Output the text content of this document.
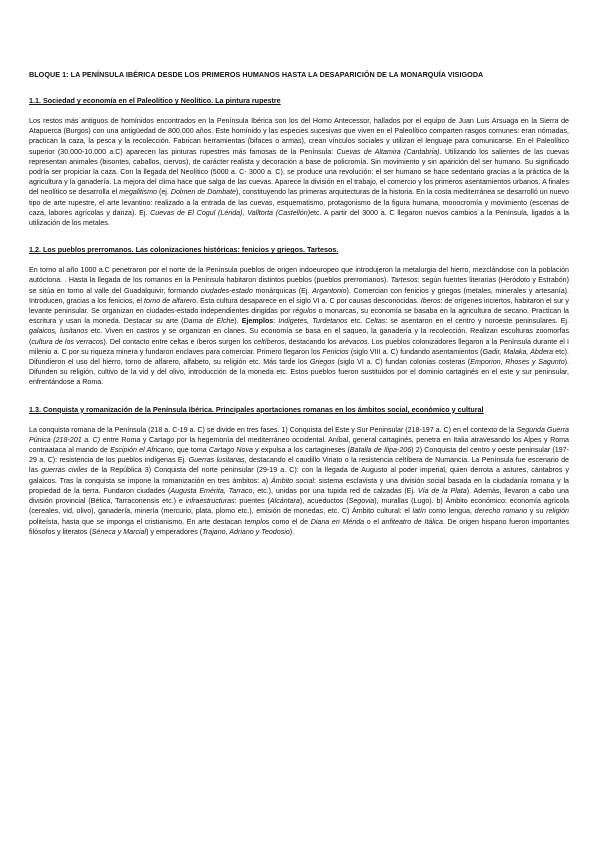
BLOQUE 1: LA PENÍNSULA IBÉRICA DESDE LOS PRIMEROS HUMANOS HASTA LA DESAPARICIÓN DE LA MONARQUÍA VISIGODA
1.1. Sociedad y economía en el Paleolítico y Neolítico. La pintura rupestre
Los restos más antiguos de homínidos encontrados en la Península Ibérica son los del Homo Antecessor, hallados por el equipo de Juan Luis Arsuaga en la Sierra de Atapuerca (Burgos) con una antigüedad de 800.000 años. Este homínido y las especies sucesivas que viven en el Paleolítico comparten rasgos comunes: eran nómadas, practican la caza, la pesca y la recolección. Fabrican herramientas (bifaces o armas), crean vínculos sociales y utilizan el lenguaje para comunicarse. En el Paleolítico superior (30.000-10.000 a.C) aparecen las pinturas rupestres más famosas de la Península: Cuevas de Altamira (Cantabria). Utilizando los salientes de las cuevas representan animales (bisontes, caballos, ciervos), de carácter realista y decoración a base de policromía. Sin movimiento y sin aparición del ser humano. Su significado podría ser propiciar la caza. Con la llegada del Neolítico (5000 a. C- 3000 a. C), se produce una revolución: el ser humano se hace sedentario gracias a la práctica de la agricultura y la ganadería. La mejora del clima hace que salga de las cuevas. Aparece la división en el trabajo, el comercio y los primeros asentamientos urbanos. A finales del neolítico se desarrolla el megalitismo (ej. Dolmen de Dombate), constituyendo las primeras arquitecturas de la historia. En la costa mediterránea se desarrolló un nuevo tipo de arte rupestre, el arte levantino: realizado a la entrada de las cuevas, esquematismo, protagonismo de la figura humana, monocromía y movimiento (escenas de caza, labores agrícolas y danza). Ej. Cuevas de El Cogul (Lérida), Valltorta (Castellón)etc. A partir del 3000 a. C llegaron nuevos cambios a la Península, ligados a la utilización de los metales.
1.2. Los pueblos prerromanos. Las colonizaciones históricas: fenicios y griegos. Tartesos.
En torno al año 1000 a.C penetraron por el norte de la Península pueblos de origen indoeuropeo que introdujeron la metalurgia del hierro, mezclándose con la población autóctona. . Hasta la llegada de los romanos en la Península habitaron distintos pueblos (pueblos prerromanos). Tartesos: según fuentes literarias (Heródoto y Estrabón) se sitúa en torno al valle del Guadalquivir, formando ciudades-estado monárquicas (Ej. Argantonio). Comercian con fenicios y griegos (metales, minerales y artesanía). Introducen, gracias a los fenicios, el torno de alfarero. Esta cultura desaparece en el siglo VI a. C por causas desconocidas. Iberos: de orígenes inciertos, habitaron el sur y levante peninsular. Se organizan en ciudades-estado independientes dirigidas por régulos o monarcas, su economía se basaba en la agricultura de secano. Practican la escritura y usan la moneda. Destacar su arte (Dama de Elche). Ejemplos: Indigetes, Turdetanos etc. Celtas: se asentaron en el centro y noroeste peninsulares. Ej. galaicos, lusitanos etc. Viven en castros y se organizan en clanes. Su economía se basa en el saqueo, la ganadería y la recolección. Realizan esculturas zoomorfas (cultura de los verracos). Del contacto entre celtas e íberos surgen los celtíberos, destacando los arévacos. Los pueblos colonizadores llegaron a la Península durante el I milenio a. C por su riqueza minera y fundaron enclaves para comerciar. Primero llegaron los Fenicios (siglo VIII a. C) fundando asentamientos (Gadir, Malaka, Abdera etc). Difundieron el uso del hierro, torno de alfarero, alfabeto, su religión etc. Más tarde los Griegos (siglo VI a. C) fundan colonias costeras (Emporion, Rhoses y Sagunto). Difunden su religión, cultivo de la vid y del olivo, introducción de la moneda etc. Estos pueblos fueron sustituidos por el dominio cartaginés en el este y sur peninsular, enfrentándose a Roma.
1.3. Conquista y romanización de la Península Ibérica. Principales aportaciones romanas en los ámbitos social, económico y cultural
La conquista romana de la Península (218 a. C-19 a. C) se divide en tres fases. 1) Conquista del Este y Sur Peninsular (218-197 a. C) en el contexto de la Segunda Guerra Púnica (218-201 a. C) entre Roma y Cartago por la hegemonía del mediterráneo occidental. Aníbal, general cartaginés, penetra en Italia atravesando los Alpes y Roma contraataca al mando de Escipión el Africano, que toma Cartago Nova y expulsa a los cartagineses (Batalla de Ilipa-206) 2) Conquista del centro y oeste peninsular (197-29 a. C): resistencia de los pueblos indígenas Ej. Guerras lusitanas, destacando el caudillo Viriato o la resistencia celtíbera de Numancia. La Península fue escenario de las guerras civiles de la República 3) Conquista del norte peninsular (29-19 a. C): con la llegada de Augusto al poder imperial, quien derrota a astures, cántabros y galaicos. Tras la conquista se impone la romanización en tres ámbitos: a) Ámbito social: sistema esclavista y una división social basada en la ciudadanía romana y la propiedad de la tierra. Fundaron ciudades (Augusta Emérita, Tarraco, etc.), unidas por una tupida red de calzadas (Ej. Vía de la Plata). Además, llevaron a cabo una división provincial (Bética, Tarraconensis etc.) e infraestructuras: puentes (Alcántara), acueductos (Segovia), murallas (Lugo). b) Ámbito económico: economía agrícola (cereales, vid, olivo), ganadería, minería (mercurio, plata, plomo etc.), emisión de monedas, etc. C) Ámbito cultural: el latín como lengua, derecho romano y su religión politeísta, hasta que se imponga el cristianismo. En arte destacan templos como el de Diana en Mérida o el anfiteatro de Itálica. De origen hispano fueron importantes filósofos y literatos (Séneca y Marcial) y emperadores (Trajano, Adriano y Teodosio).
